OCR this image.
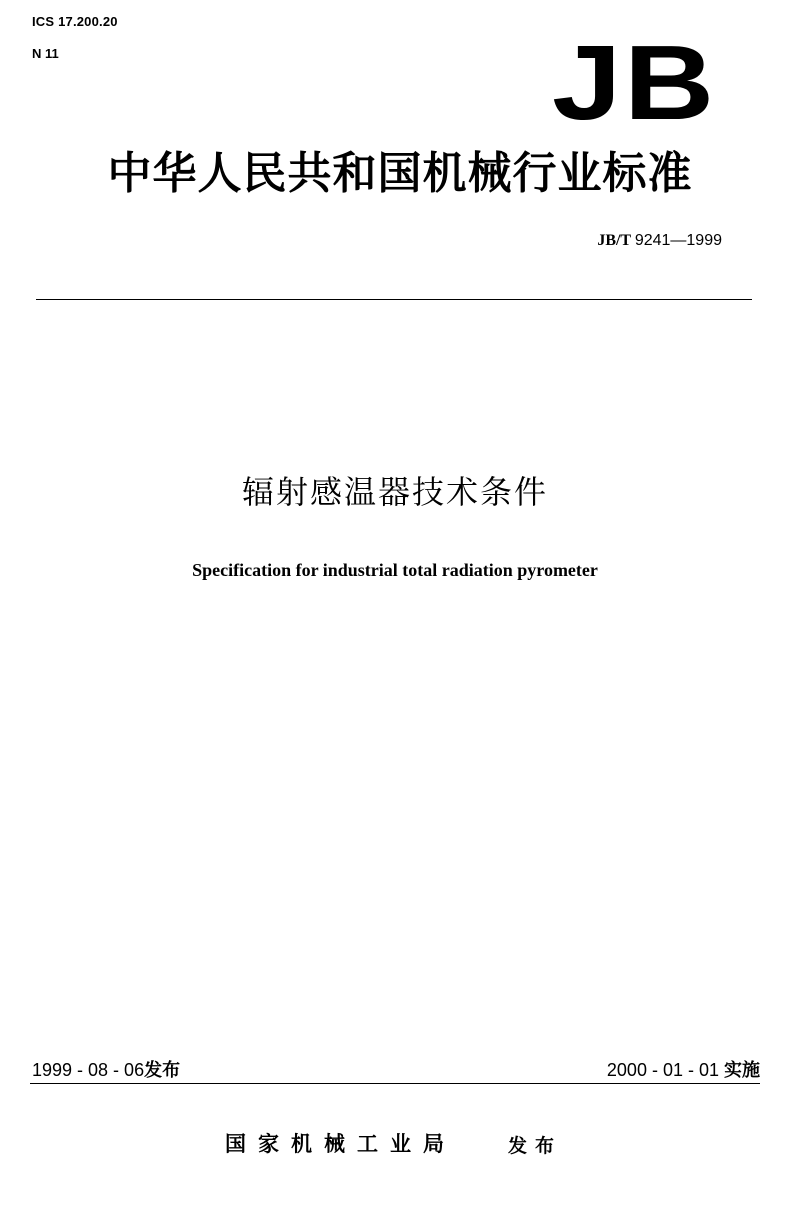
ICS 17.200.20
N 11	JB
中华人民共和国机械行业标准
JB/T 9241—1999
辐射感温器技术条件
Specification for industrial total radiation pyrometer
1999 - 08 - 06发布	2000 - 01 - 01 实施
国家机械工业局	发布
